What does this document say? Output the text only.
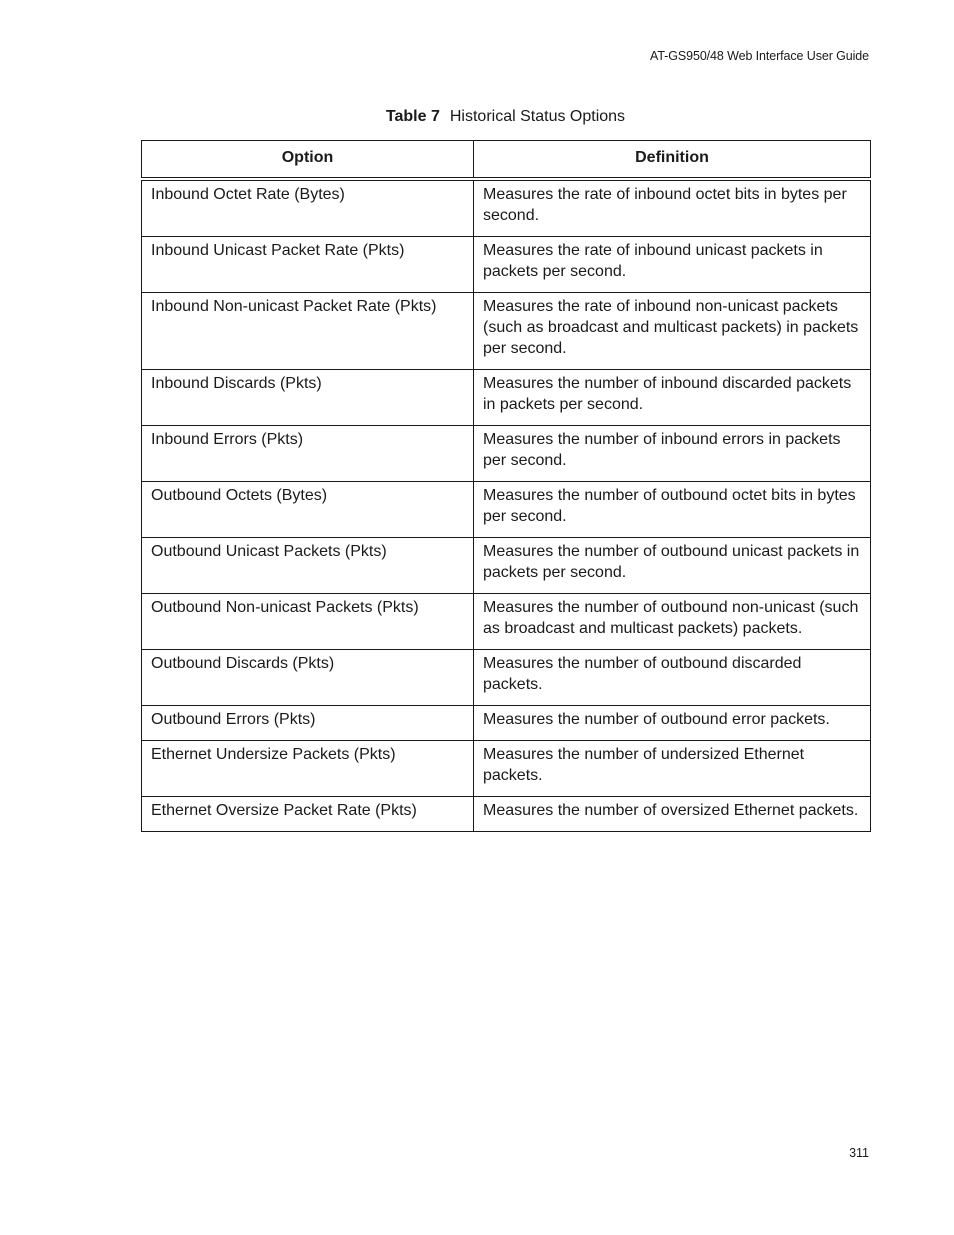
AT-GS950/48 Web Interface User Guide
Table 7 Historical Status Options
Option	Definition
Inbound Octet Rate (Bytes)	Measures the rate of inbound octet bits in bytes per second.
Inbound Unicast Packet Rate (Pkts)	Measures the rate of inbound unicast packets in packets per second.
Inbound Non-unicast Packet Rate (Pkts)	Measures the rate of inbound non-unicast packets (such as broadcast and multicast packets) in packets per second.
Inbound Discards (Pkts)	Measures the number of inbound discarded packets in packets per second.
Inbound Errors (Pkts)	Measures the number of inbound errors in packets per second.
Outbound Octets (Bytes)	Measures the number of outbound octet bits in bytes per second.
Outbound Unicast Packets (Pkts)	Measures the number of outbound unicast packets in packets per second.
Outbound Non-unicast Packets (Pkts)	Measures the number of outbound non-unicast (such as broadcast and multicast packets) packets.
Outbound Discards (Pkts)	Measures the number of outbound discarded packets.
Outbound Errors (Pkts)	Measures the number of outbound error packets.
Ethernet Undersize Packets (Pkts)	Measures the number of undersized Ethernet packets.
Ethernet Oversize Packet Rate (Pkts)	Measures the number of oversized Ethernet packets.
311
